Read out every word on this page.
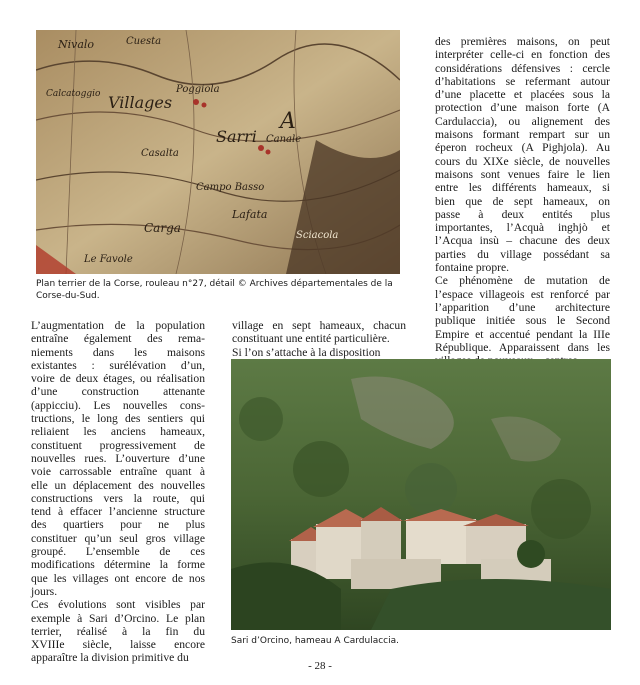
Nivalo	Cuesta
Poggiola
Villages
Sarri Canale
Casalta
Calcatoggio
Campo Basso
Lafata
Carga
Le Favole
Sciacola
A
Plan terrier de la Corse, rouleau n°27, détail © Archives départementales de la Corse-du-Sud.
L’augmentation de la population
entraîne également des rema-
niements dans les maisons
existantes : surélévation d’un,
voire de deux étages, ou réalisation
d’une construction attenante
(appicciu). Les nouvelles cons-
tructions, le long des sentiers qui
reliaient les anciens hameaux,
constituent progressivement de
nouvelles rues. L’ouverture d’une
voie carrossable entraîne quant à
elle un déplacement des nouvelles
constructions vers la route, qui
tend à effacer l’ancienne structure
des quartiers pour ne plus
constituer qu’un seul gros village
groupé. L’ensemble de ces
modifications détermine la forme
que les villages ont encore de nos
jours.
Ces évolutions sont visibles par
exemple à Sari d’Orcino. Le plan
terrier, réalisé à la fin du
XVIIIe siècle, laisse encore
apparaître la division primitive du
village en sept hameaux, chacun
constituant une entité particulière.
Si l’on s’attache à la disposition
des premières maisons, on peut
interpréter celle-ci en fonction des
considérations défensives : cercle
d’habitations se refermant autour
d’une placette et placées sous la
protection d’une maison forte (A
Cardulaccia), ou alignement des
maisons formant rempart sur un
éperon rocheux (A Pighjola). Au
cours du XIXe siècle, de nouvelles
maisons sont venues faire le lien
entre les différents hameaux, si
bien que de sept hameaux, on
passe à deux entités plus
importantes, l’Acquà inghjò et
l’Acqua insù – chacune des deux
parties du village possédant sa
fontaine propre.
Ce phénomène de mutation de
l’espace villageois est renforcé par
l’apparition d’une architecture
publique initiée sous le Second
Empire et accentué pendant la IIIe
République. Apparaissent dans les
Sari d’Orcino, hameau A Cardulaccia.
- 28 -
